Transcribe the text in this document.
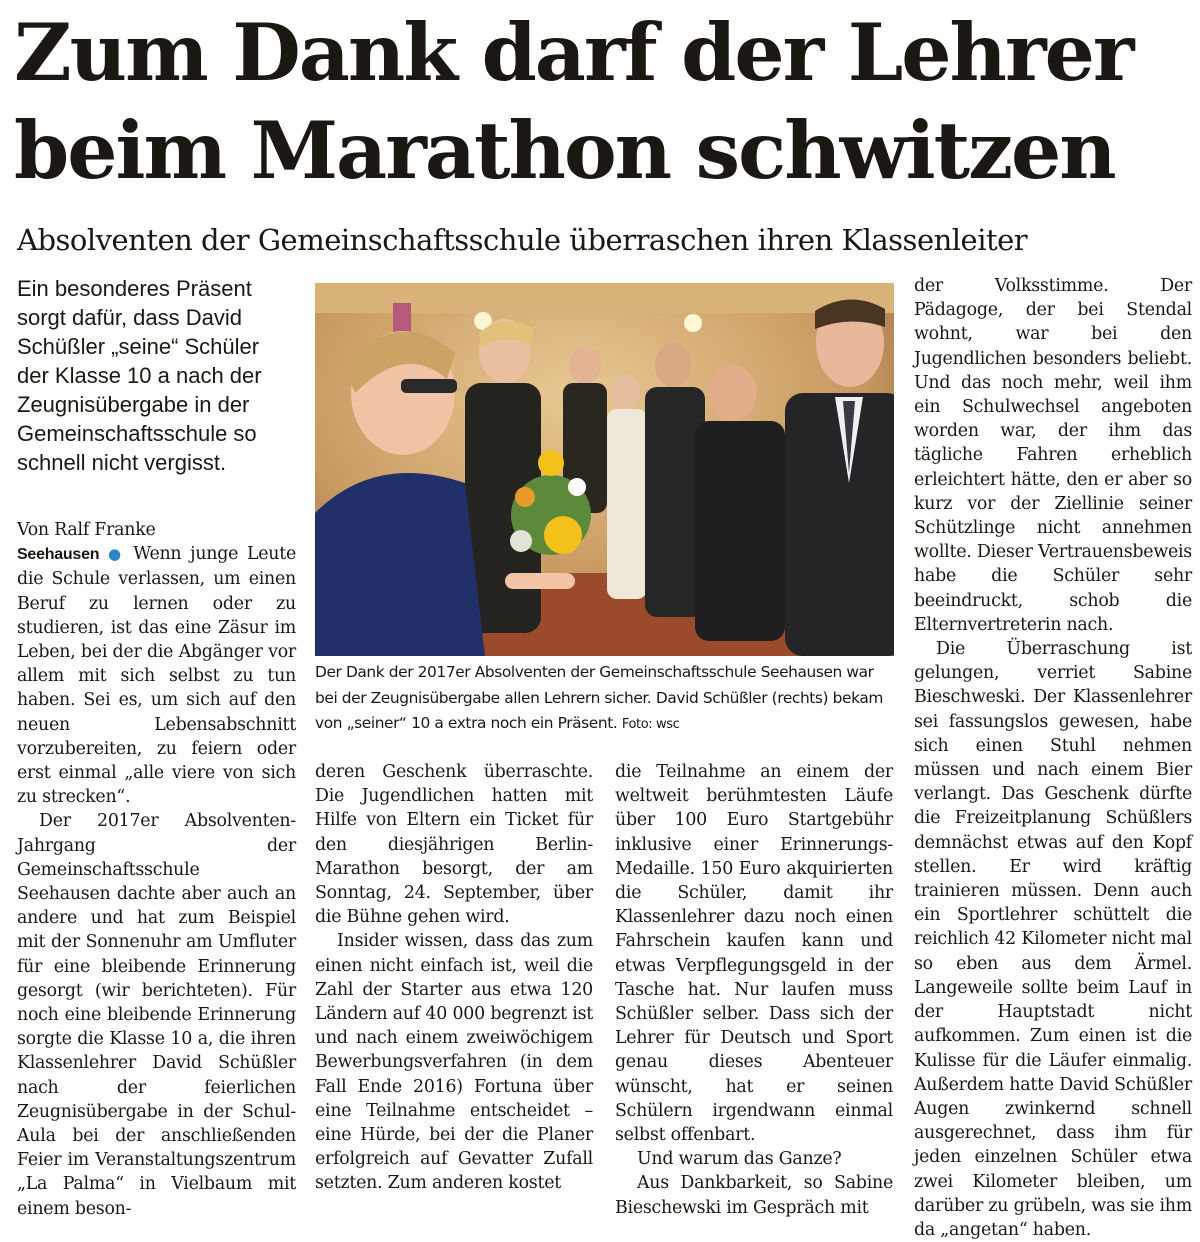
Zum Dank darf der Lehrer
beim Marathon schwitzen
Absolventen der Gemeinschaftsschule überraschen ihren Klassenleiter

Ein besonderes Präsent sorgt dafür, dass David Schüßler „seine“ Schüler der Klasse 10 a nach der Zeugnisübergabe in der Gemeinschaftsschule so schnell nicht vergisst.

Von Ralf Franke

Seehausen ● Wenn junge Leute die Schule verlassen, um einen Beruf zu lernen oder zu studieren, ist das eine Zäsur im Leben, bei der die Abgänger vor allem mit sich selbst zu tun haben. Sei es, um sich auf den neuen Lebensabschnitt vorzubereiten, zu feiern oder erst einmal „alle viere von sich zu strecken“.

Der 2017er Absolventen-Jahrgang der Gemeinschaftsschule Seehausen dachte aber auch an andere und hat zum Beispiel mit der Sonnenuhr am Umfluter für eine bleibende Erinnerung gesorgt (wir berichteten). Für noch eine bleibende Erinnerung sorgte die Klasse 10 a, die ihren Klassenlehrer David Schüßler nach der feierlichen Zeugnisübergabe in der Schul-Aula bei der anschließenden Feier im Veranstaltungszentrum „La Palma“ in Vielbaum mit einem beson-

Der Dank der 2017er Absolventen der Gemeinschaftsschule Seehausen war bei der Zeugnisübergabe allen Lehrern sicher. David Schüßler (rechts) bekam von „seiner“ 10 a extra noch ein Präsent. Foto: wsc

deren Geschenk überraschte. Die Jugendlichen hatten mit Hilfe von Eltern ein Ticket für den diesjährigen Berlin-Marathon besorgt, der am Sonntag, 24. September, über die Bühne gehen wird.

Insider wissen, dass das zum einen nicht einfach ist, weil die Zahl der Starter aus etwa 120 Ländern auf 40 000 begrenzt ist und nach einem zweiwöchigem Bewerbungsverfahren (in dem Fall Ende 2016) Fortuna über eine Teilnahme entscheidet – eine Hürde, bei der die Planer erfolgreich auf Gevatter Zufall setzten. Zum anderen kostet

die Teilnahme an einem der weltweit berühmtesten Läufe über 100 Euro Startgebühr inklusive einer Erinnerungs-Medaille. 150 Euro akquirierten die Schüler, damit ihr Klassenlehrer dazu noch einen Fahrschein kaufen kann und etwas Verpflegungsgeld in der Tasche hat. Nur laufen muss Schüßler selber. Dass sich der Lehrer für Deutsch und Sport genau dieses Abenteuer wünscht, hat er seinen Schülern irgendwann einmal selbst offenbart.

Und warum das Ganze?

Aus Dankbarkeit, so Sabine Bieschewski im Gespräch mit

der Volksstimme. Der Pädagoge, der bei Stendal wohnt, war bei den Jugendlichen besonders beliebt. Und das noch mehr, weil ihm ein Schulwechsel angeboten worden war, der ihm das tägliche Fahren erheblich erleichtert hätte, den er aber so kurz vor der Ziellinie seiner Schützlinge nicht annehmen wollte. Dieser Vertrauensbeweis habe die Schüler sehr beeindruckt, schob die Elternvertreterin nach.

Die Überraschung ist gelungen, verriet Sabine Bieschweski. Der Klassenlehrer sei fassungslos gewesen, habe sich einen Stuhl nehmen müssen und nach einem Bier verlangt. Das Geschenk dürfte die Freizeitplanung Schüßlers demnächst etwas auf den Kopf stellen. Er wird kräftig trainieren müssen. Denn auch ein Sportlehrer schüttelt die reichlich 42 Kilometer nicht mal so eben aus dem Ärmel. Langeweile sollte beim Lauf in der Hauptstadt nicht aufkommen. Zum einen ist die Kulisse für die Läufer einmalig. Außerdem hatte David Schüßler Augen zwinkernd schnell ausgerechnet, dass ihm für jeden einzelnen Schüler etwa zwei Kilometer bleiben, um darüber zu grübeln, was sie ihm da „angetan“ haben.
